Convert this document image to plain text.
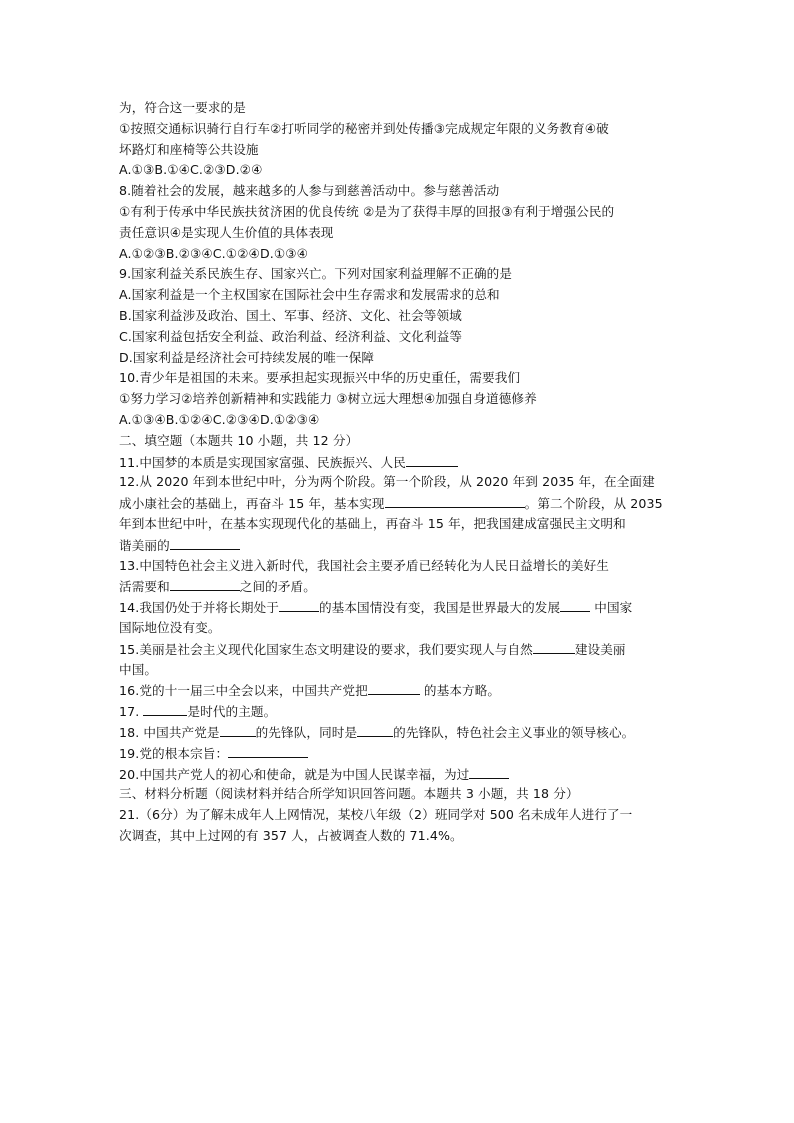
为，符合这一要求的是
①按照交通标识骑行自行车②打听同学的秘密并到处传播③完成规定年限的义务教育④破
坏路灯和座椅等公共设施
A.①③B.①④C.②③D.②④
8.随着社会的发展，越来越多的人参与到慈善活动中。参与慈善活动
①有利于传承中华民族扶贫济困的优良传统 ②是为了获得丰厚的回报③有利于增强公民的
责任意识④是实现人生价值的具体表现
A.①②③B.②③④C.①②④D.①③④
9.国家利益关系民族生存、国家兴亡。下列对国家利益理解不正确的是
A.国家利益是一个主权国家在国际社会中生存需求和发展需求的总和
B.国家利益涉及政治、国土、军事、经济、文化、社会等领域
C.国家利益包括安全利益、政治利益、经济利益、文化利益等
D.国家利益是经济社会可持续发展的唯一保障
10.青少年是祖国的未来。要承担起实现振兴中华的历史重任，需要我们
①努力学习②培养创新精神和实践能力 ③树立远大理想④加强自身道德修养
A.①③④B.①②④C.②③④D.①②③④
二、填空题（本题共 10 小题，共 12 分）
11.中国梦的本质是实现国家富强、民族振兴、人民
12.从 2020 年到本世纪中叶，分为两个阶段。第一个阶段，从 2020 年到 2035 年，在全面建
成小康社会的基础上，再奋斗 15 年，基本实现	。第二个阶段，从 2035
年到本世纪中叶，在基本实现现代化的基础上，再奋斗 15 年，把我国建成富强民主文明和
谐美丽的
13.中国特色社会主义进入新时代，我国社会主要矛盾已经转化为人民日益增长的美好生
活需要和	之间的矛盾。
14.我国仍处于并将长期处于	的基本国情没有变，我国是世界最大的发展 中国家
国际地位没有变。
15.美丽是社会主义现代化国家生态文明建设的要求，我们要实现人与自然	建设美丽
中国。
16.党的十一届三中全会以来，中国共产党把	的基本方略。
17.	是时代的主题。
18. 中国共产党是	的先锋队，同时是	的先锋队，特色社会主义事业的领导核心。
19.党的根本宗旨：
20.中国共产党人的初心和使命，就是为中国人民谋幸福，为过
三、材料分析题（阅读材料并结合所学知识回答问题。本题共 3 小题，共 18 分）
21.（6分）为了解未成年人上网情况，某校八年级（2）班同学对 500 名未成年人进行了一
次调查，其中上过网的有 357 人，占被调查人数的 71.4%。
